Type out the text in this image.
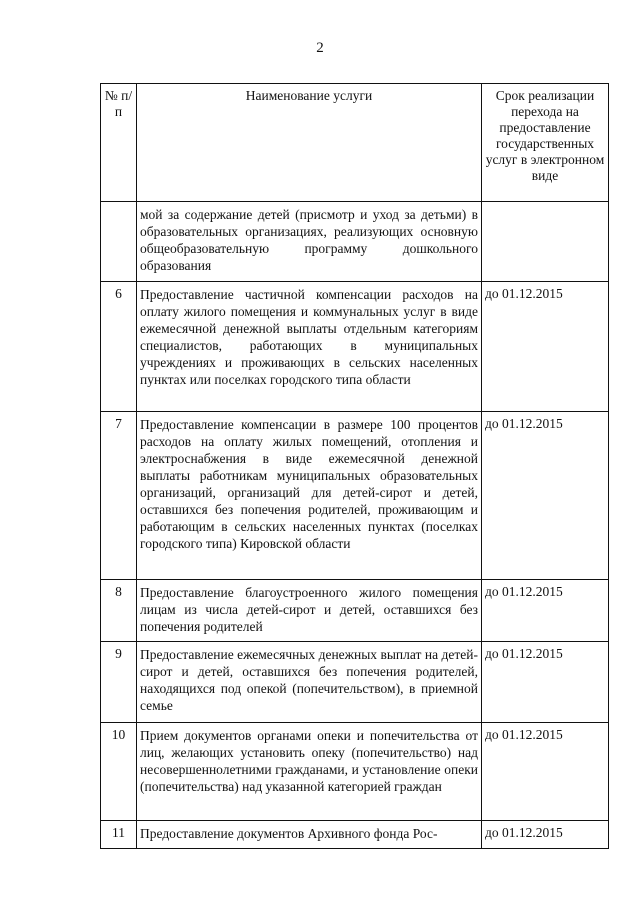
2
№ п/п	Наименование услуги	Срок реализации перехода на предоставление государственных услуг в электронном виде
	мой за содержание детей (присмотр и уход за детьми) в образовательных организациях, реализующих основную общеобразовательную программу дошкольного образования	
6	Предоставление частичной компенсации расходов на оплату жилого помещения и коммунальных услуг в виде ежемесячной денежной выплаты отдельным категориям специалистов, работающих в муниципальных учреждениях и проживающих в сельских населенных пунктах или поселках городского типа области	до 01.12.2015
7	Предоставление компенсации в размере 100 процентов расходов на оплату жилых помещений, отопления и электроснабжения в виде ежемесячной денежной выплаты работникам муниципальных образовательных организаций, организаций для детей-сирот и детей, оставшихся без попечения родителей, проживающим и работающим в сельских населенных пунктах (поселках городского типа) Кировской области	до 01.12.2015
8	Предоставление благоустроенного жилого помещения лицам из числа детей-сирот и детей, оставшихся без попечения родителей	до 01.12.2015
9	Предоставление ежемесячных денежных выплат на детей-сирот и детей, оставшихся без попечения родителей, находящихся под опекой (попечительством), в приемной семье	до 01.12.2015
10	Прием документов органами опеки и попечительства от лиц, желающих установить опеку (попечительство) над несовершеннолетними гражданами, и установление опеки (попечительства) над указанной категорией граждан	до 01.12.2015
11	Предоставление документов Архивного фонда Рос-	до 01.12.2015
